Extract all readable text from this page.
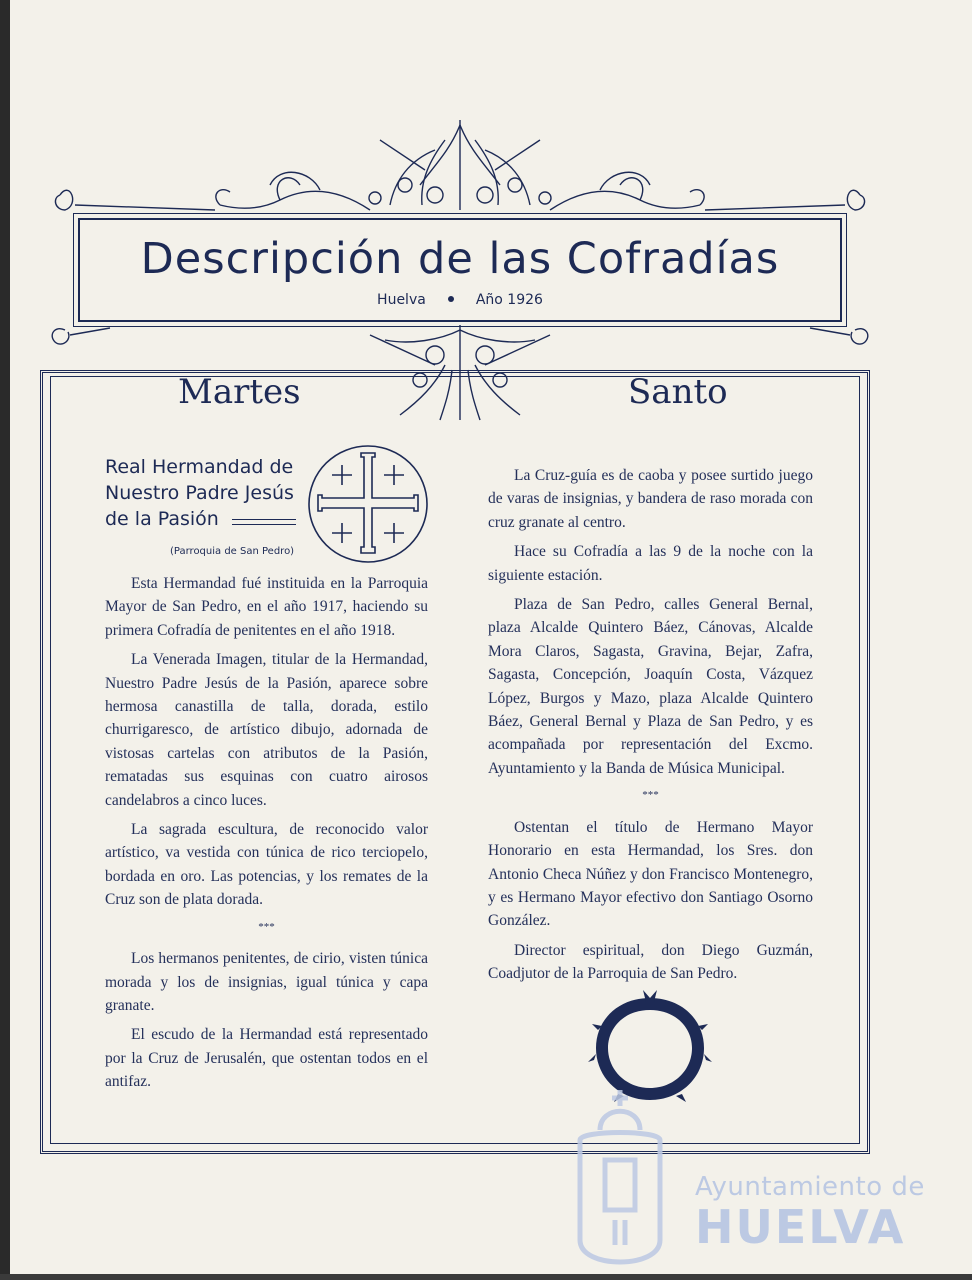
Descripción de las Cofradías
Huelva	Año 1926
Martes	Santo
Real Hermandad de
Nuestro Padre Jesús
de la Pasión
(Parroquia de San Pedro)

Esta Hermandad fué instituida en la Parroquia Mayor de San Pedro, en el año 1917, haciendo su primera Cofradía de penitentes en el año 1918.

La Venerada Imagen, titular de la Hermandad, Nuestro Padre Jesús de la Pasión, aparece sobre hermosa canastilla de talla, dorada, estilo churrigaresco, de artístico dibujo, adornada de vistosas cartelas con atributos de la Pasión, rematadas sus esquinas con cuatro airosos candelabros a cinco luces.

La sagrada escultura, de reconocido valor artístico, va vestida con túnica de rico terciopelo, bordada en oro. Las potencias, y los remates de la Cruz son de plata dorada.

***

Los hermanos penitentes, de cirio, visten túnica morada y los de insignias, igual túnica y capa granate.

El escudo de la Hermandad está representado por la Cruz de Jerusalén, que ostentan todos en el antifaz.

La Cruz-guía es de caoba y posee surtido juego de varas de insignias, y bandera de raso morada con cruz granate al centro.

Hace su Cofradía a las 9 de la noche con la siguiente estación.

Plaza de San Pedro, calles General Bernal, plaza Alcalde Quintero Báez, Cánovas, Alcalde Mora Claros, Sagasta, Gravina, Bejar, Zafra, Sagasta, Concepción, Joaquín Costa, Vázquez López, Burgos y Mazo, plaza Alcalde Quintero Báez, General Bernal y Plaza de San Pedro, y es acompañada por representación del Excmo. Ayuntamiento y la Banda de Música Municipal.

***

Ostentan el título de Hermano Mayor Honorario en esta Hermandad, los Sres. don Antonio Checa Núñez y don Francisco Montenegro, y es Hermano Mayor efectivo don Santiago Osorno González.

Director espiritual, don Diego Guzmán, Coadjutor de la Parroquia de San Pedro.

Ayuntamiento de
HUELVA
